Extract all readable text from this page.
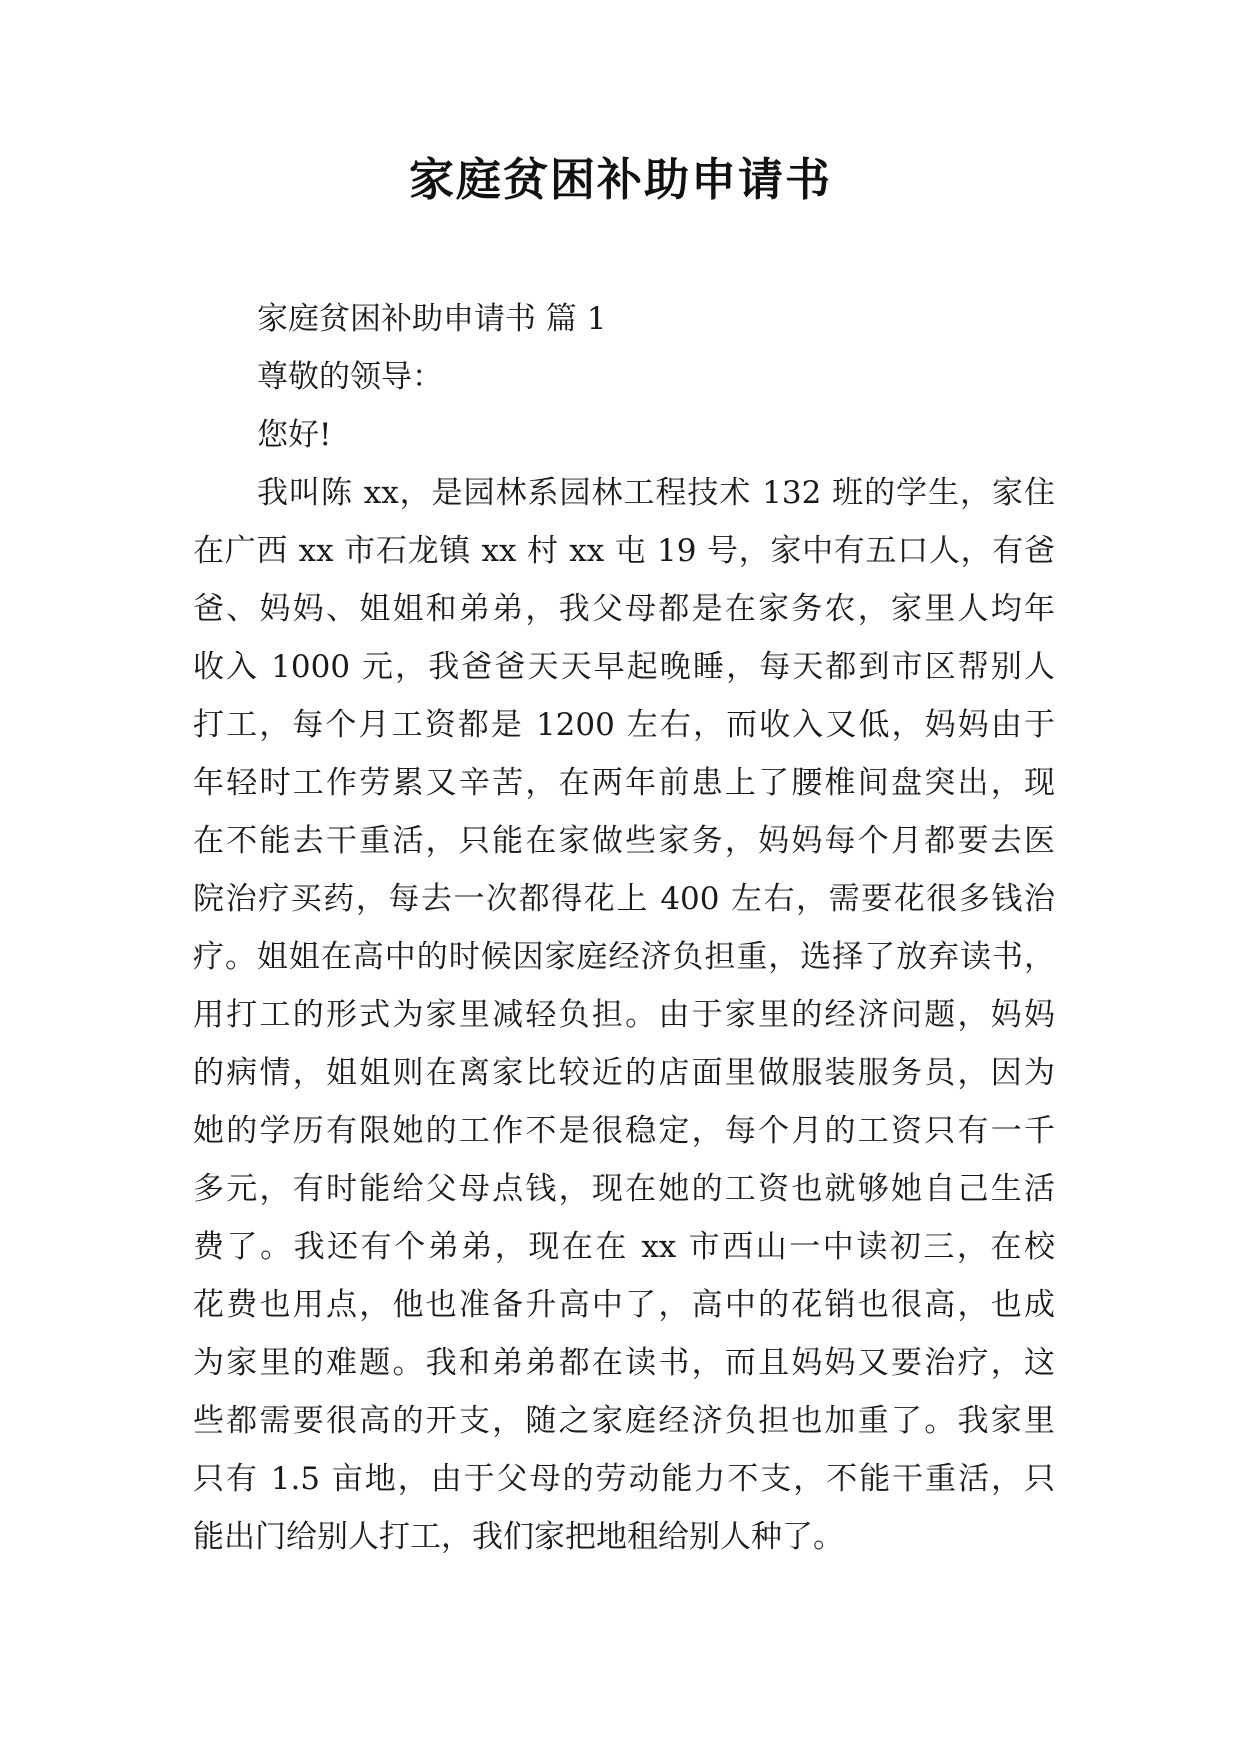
家庭贫困补助申请书
家庭贫困补助申请书 篇 1
尊敬的领导：
您好!
我叫陈 xx，是园林系园林工程技术 132 班的学生，家住
在广西 xx 市石龙镇 xx 村 xx 屯 19 号，家中有五口人，有爸
爸、妈妈、姐姐和弟弟，我父母都是在家务农，家里人均年
收入 1000 元，我爸爸天天早起晚睡，每天都到市区帮别人
打工，每个月工资都是 1200 左右，而收入又低，妈妈由于
年轻时工作劳累又辛苦，在两年前患上了腰椎间盘突出，现
在不能去干重活，只能在家做些家务，妈妈每个月都要去医
院治疗买药，每去一次都得花上 400 左右，需要花很多钱治
疗。姐姐在高中的时候因家庭经济负担重，选择了放弃读书，
用打工的形式为家里减轻负担。由于家里的经济问题，妈妈
的病情，姐姐则在离家比较近的店面里做服装服务员，因为
她的学历有限她的工作不是很稳定，每个月的工资只有一千
多元，有时能给父母点钱，现在她的工资也就够她自己生活
费了。我还有个弟弟，现在在 xx 市西山一中读初三，在校
花费也用点，他也准备升高中了，高中的花销也很高，也成
为家里的难题。我和弟弟都在读书，而且妈妈又要治疗，这
些都需要很高的开支，随之家庭经济负担也加重了。我家里
只有 1.5 亩地，由于父母的劳动能力不支，不能干重活，只
能出门给别人打工，我们家把地租给别人种了。
